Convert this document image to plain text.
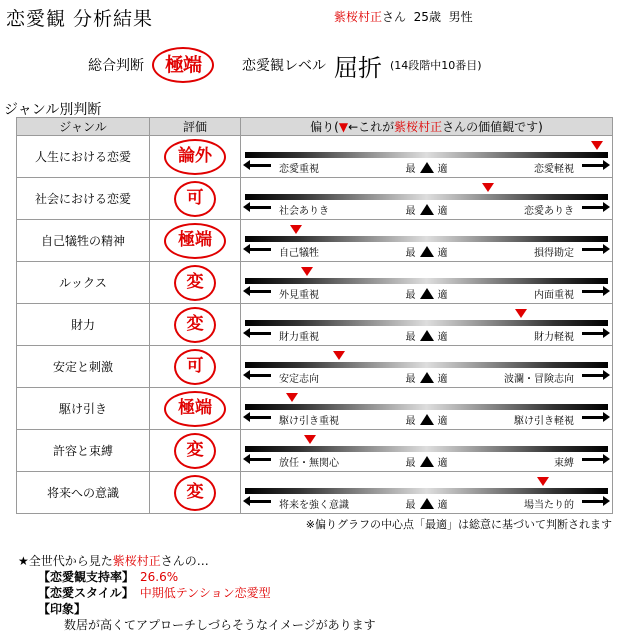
恋愛観 分析結果	紫桜村正さん 25歳 男性
総合判断	極端	恋愛観レベル 屈折 (14段階中10番目)
ジャンル別判断
ジャンル	評価	偏り(▼←これが紫桜村正さんの価値観です)
人生における恋愛	論外	恋愛重視 最 適 恋愛軽視

社会における恋愛	可	社会ありき 最 適 恋愛ありき

自己犠牲の精神	極端	自己犠牲 最 適 損得勘定

ルックス	変	外見重視 最 適 内面重視

財力	変	財力重視 最 適 財力軽視

安定と刺激	可	安定志向 最 適 波瀾・冒険志向

駆け引き	極端	駆け引き重視 最 適 駆け引き軽視

許容と束縛	変	放任・無関心 最 適 束縛

将来への意識	変	将来を強く意識 最 適 場当たり的
※偏りグラフの中心点「最適」は総意に基づいて判断されます
★全世代から見た紫桜村正さんの…
【恋愛観支持率】 26.6%
【恋愛スタイル】 中期低テンション恋愛型
【印象】
数居が高くてアプローチしづらそうなイメージがあります
